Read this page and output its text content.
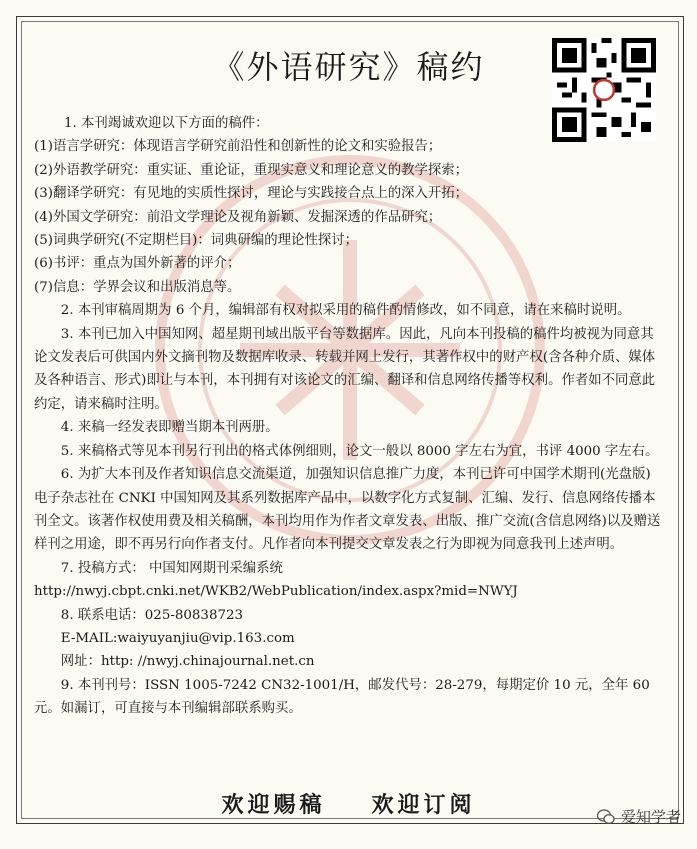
《外语研究》稿约

1. 本刊竭诚欢迎以下方面的稿件：

(1)语言学研究：体现语言学研究前沿性和创新性的论文和实验报告；

(2)外语教学研究：重实证、重论证，重现实意义和理论意义的教学探索；

(3)翻译学研究：有见地的实质性探讨，理论与实践接合点上的深入开拓；

(4)外国文学研究：前沿文学理论及视角新颖、发掘深透的作品研究；

(5)词典学研究(不定期栏目)：词典研编的理论性探讨；

(6)书评：重点为国外新著的评介；

(7)信息：学界会议和出版消息等。

2. 本刊审稿周期为 6 个月，编辑部有权对拟采用的稿件酌情修改，如不同意，请在来稿时说明。

3. 本刊已加入中国知网、超星期刊域出版平台等数据库。因此，凡向本刊投稿的稿件均被视为同意其论文发表后可供国内外文摘刊物及数据库收录、转载并网上发行，其著作权中的财产权(含各种介质、媒体及各种语言、形式)即让与本刊，本刊拥有对该论文的汇编、翻译和信息网络传播等权利。作者如不同意此约定，请来稿时注明。

4. 来稿一经发表即赠当期本刊两册。

5. 来稿格式等见本刊另行刊出的格式体例细则，论文一般以 8000 字左右为宜，书评 4000 字左右。

6. 为扩大本刊及作者知识信息交流渠道，加强知识信息推广力度，本刊已许可中国学术期刊(光盘版)电子杂志社在 CNKI 中国知网及其系列数据库产品中，以数字化方式复制、汇编、发行、信息网络传播本刊全文。该著作权使用费及相关稿酬，本刊均用作为作者文章发表、出版、推广交流(含信息网络)以及赠送样刊之用途，即不再另行向作者支付。凡作者向本刊提交文章发表之行为即视为同意我刊上述声明。

7. 投稿方式： 中国知网期刊采编系统 http://nwyj.cbpt.cnki.net/WKB2/WebPublication/index.aspx?mid=NWYJ

8. 联系电话：025-80838723

E-MAIL:waiyuyanjiu@vip.163.com

网址：http: //nwyj.chinajournal.net.cn

9. 本刊刊号：ISSN 1005-7242 CN32-1001/H，邮发代号：28-279，每期定价 10 元，全年 60 元。如漏订，可直接与本刊编辑部联系购买。

欢迎赐稿 欢迎订阅	爱知学者
